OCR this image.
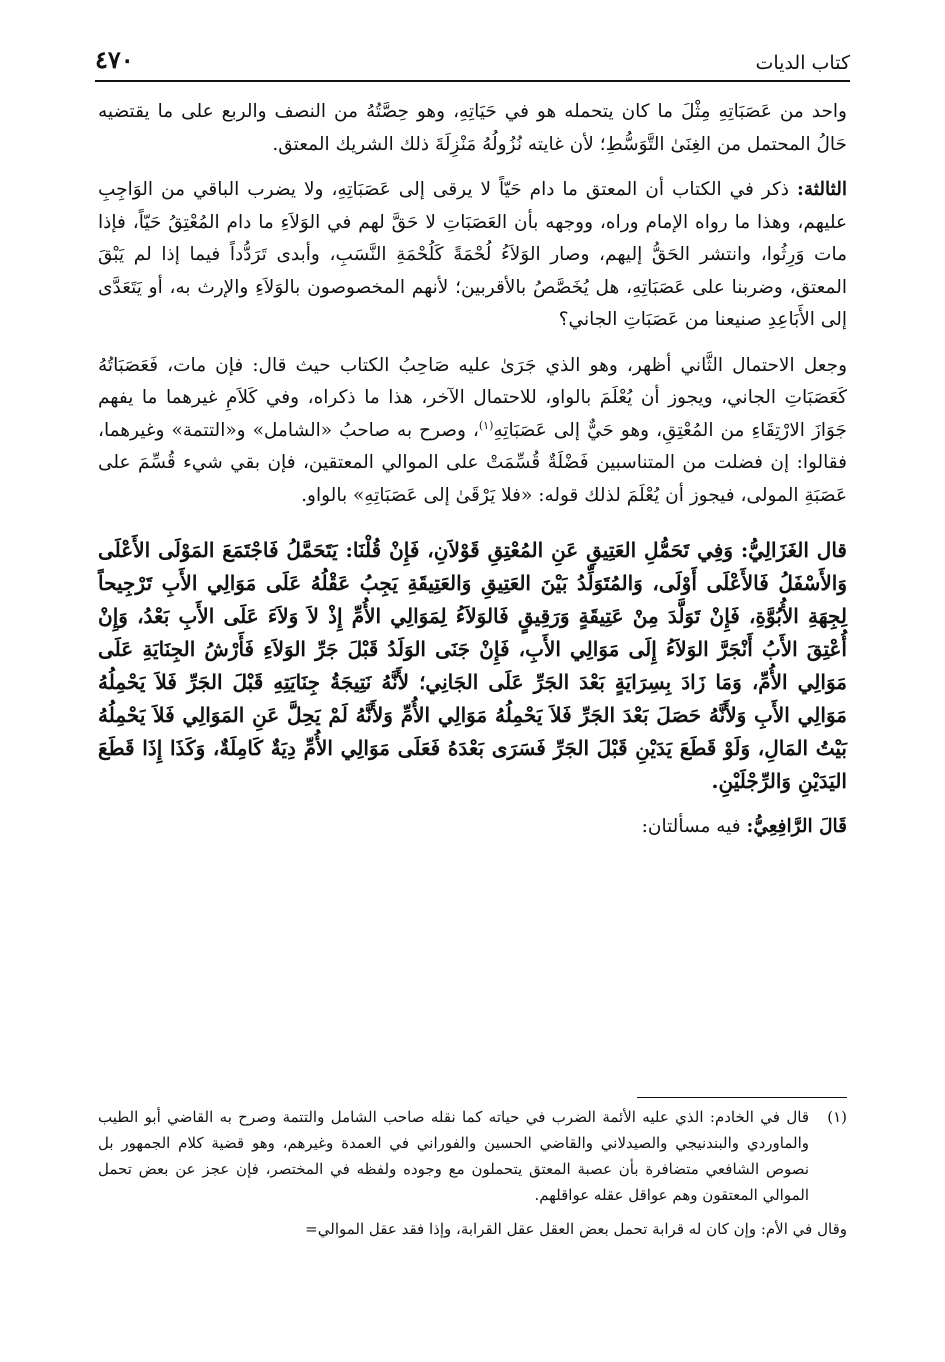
كتاب الديات
٤٧٠

واحد من عَصَبَاتِهِ مِثْلَ ما كان يتحمله هو في حَيَاتِهِ، وهو حِصَّتُهُ من النصف والربع على ما يقتضيه حَالُ المحتمل من الغِنَىٰ التَّوَسُّطِ؛ لأن غايته نُزُولُهُ مَنْزِلَةَ ذلك الشريك المعتق.

الثالثة: ذكر في الكتاب أن المعتق ما دام حَيّاً لا يرقى إلى عَصَبَاتِهِ، ولا يضرب الباقي من الوَاجِبِ عليهم، وهذا ما رواه الإمام وراه، ووجهه بأن العَصَبَاتِ لا حَقَّ لهم في الوَلاَءِ ما دام المُعْتِقُ حَيّاً، فإذا مات وَرِثُوا، وانتشر الحَقُّ إليهم، وصار الوَلاَءُ لُحْمَةً كَلُحْمَةِ النَّسَبِ، وأبدى تَرَدُّداً فيما إذا لم يَبْقَ المعتق، وضربنا على عَصَبَاتِهِ، هل يُخَصَّصُ بالأقربين؛ لأنهم المخصوصون بالوَلاَءِ والإرث به، أو يَتَعَدَّى إلى الأَبَاعِدِ صنيعنا من عَصَبَاتِ الجاني؟

وجعل الاحتمال الثَّاني أظهر، وهو الذي جَرَىٰ عليه صَاحِبُ الكتاب حيث قال: فإن مات، فَعَصَبَاتُهُ كَعَصَبَاتِ الجاني، ويجوز أن يُعْلَمَ بالواو، للاحتمال الآخر، هذا ما ذكراه، وفي كَلاَمِ غيرهما ما يفهم جَوَازَ الارْتِقَاءِ من المُعْتِقِ، وهو حَيٌّ إلى عَصَبَاتِهِ$^{(١)}$، وصرح به صاحبُ «الشامل» و«التتمة» وغيرهما، فقالوا: إن فضلت من المتناسبين فَضْلَةٌ قُسِّمَتْ على الموالي المعتقين، فإن بقي شيء قُسِّمَ على عَصَبَةِ المولى، فيجوز أن يُعْلَمَ لذلك قوله: «فلا يَرْقَىٰ إلى عَصَبَاتِهِ» بالواو.

قال الغَزَالِيُّ: وَفِي تَحَمُّلِ العَتِيقِ عَنِ المُعْتِقِ قَوْلاَنِ، فَإِنْ قُلْنَا: يَتَحَمَّلُ فَاجْتَمَعَ المَوْلَى الأَعْلَى وَالأَسْفَلُ فَالأَعْلَى أَوْلَى، وَالمُتَوَلِّدُ بَيْنَ العَتِيقِ وَالعَتِيقَةِ يَجِبُ عَقْلُهُ عَلَى مَوَالِي الأَبِ تَرْجِيحاً لِجِهَةِ الأُبُوَّةِ، فَإِنْ تَوَلَّدَ مِنْ عَتِيقَةٍ وَرَقِيقٍ فَالوَلاَءُ لِمَوَالِي الأُمِّ إِذْ لاَ وَلاَءَ عَلَى الأَبِ بَعْدُ، وَإِنْ أُعْتِقَ الأَبُ أَنْجَرَّ الوَلاَءُ إِلَى مَوَالِي الأَبِ، فَإِنْ جَنَى الوَلَدُ قَبْلَ جَرِّ الوَلاَءِ فَأَرْشُ الجِنَايَةِ عَلَى مَوَالِي الأُمِّ، وَمَا زَادَ بِسِرَايَةٍ بَعْدَ الجَرِّ عَلَى الجَانِي؛ لأَنَّهُ نَتِيجَةُ جِنَايَتِهِ قَبْلَ الجَرِّ فَلاَ يَحْمِلُهُ مَوَالِي الأَبِ وَلأَنَّهُ حَصَلَ بَعْدَ الجَرِّ فَلاَ يَحْمِلُهُ مَوَالِي الأُمِّ وَلأَنَّهُ لَمْ يَحِلَّ عَنِ المَوَالِي فَلاَ يَحْمِلُهُ بَيْتُ المَالِ، وَلَوْ قَطَعَ يَدَيْنِ قَبْلَ الجَرِّ فَسَرَى بَعْدَهُ فَعَلَى مَوَالِي الأُمِّ دِيَةٌ كَامِلَةٌ، وَكَذَا إِذَا قَطَعَ اليَدَيْنِ وَالرِّجْلَيْنِ.

قَالَ الرَّافِعِيُّ: فيه مسألتان:

(١)
قال في الخادم: الذي عليه الأئمة الضرب في حياته كما نقله صاحب الشامل والتتمة وصرح به القاضي أبو الطيب والماوردي والبندنيجي والصيدلاني والقاضي الحسين والفوراني في العمدة وغيرهم، وهو قضية كلام الجمهور بل نصوص الشافعي متضافرة بأن عصبة المعتق يتحملون مع وجوده ولفظه في المختصر، فإن عجز عن بعض تحمل الموالي المعتقون وهم عواقل عقله عواقلهم.

وقال في الأم: وإن كان له قرابة تحمل بعض العقل عقل القرابة، وإذا فقد عقل الموالي=
